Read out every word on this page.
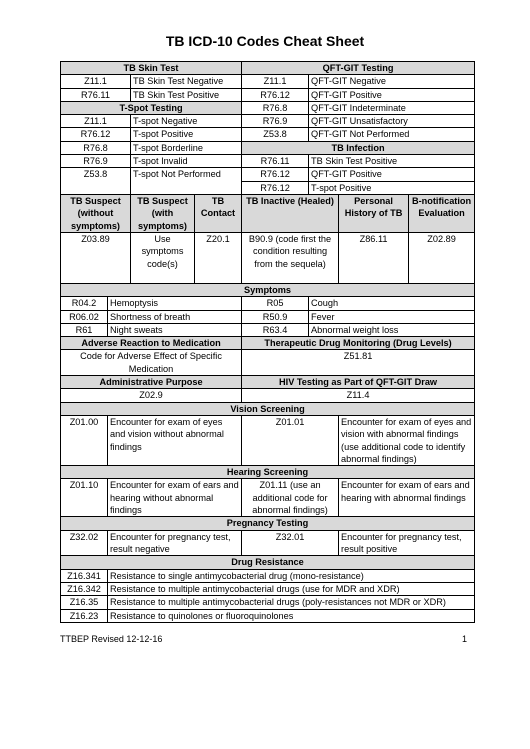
TB ICD-10 Codes Cheat Sheet
TB Skin Test				QFT-GIT Testing			
Z11.1		TB Skin Test Negative		Z11.1	QFT-GIT Negative		
R76.11		TB Skin Test Positive		R76.12	QFT-GIT Positive		
T-Spot Testing				R76.8	QFT-GIT Indeterminate		
Z11.1		T-spot Negative		R76.9	QFT-GIT Unsatisfactory		
R76.12		T-spot Positive		Z53.8	QFT-GIT Not Performed		
R76.8		T-spot Borderline		TB Infection			
R76.9		T-spot Invalid		R76.11	TB Skin Test Positive		
Z53.8		T-spot Not Performed		R76.12	QFT-GIT Positive		
				R76.12	T-spot Positive		
TB Suspect (without symptoms)		TB Suspect (with symptoms)	TB Contact	TB Inactive (Healed)		Personal History of TB	B-notification Evaluation
Z03.89		Use symptoms code(s)	Z20.1	B90.9 (code first the condition resulting from the sequela)		Z86.11	Z02.89
Symptoms							
R04.2	Hemoptysis			R05	Cough		
R06.02	Shortness of breath			R50.9	Fever		
R61	Night sweats			R63.4	Abnormal weight loss		
Adverse Reaction to Medication				Therapeutic Drug Monitoring (Drug Levels)			
Code for Adverse Effect of Specific Medication				Z51.81			
Administrative Purpose				HIV Testing as Part of QFT-GIT Draw			
Z02.9				Z11.4			
Vision Screening							
Z01.00	Encounter for exam of eyes and vision without abnormal findings			Z01.01		Encounter for exam of eyes and vision with abnormal findings (use additional code to identify abnormal findings)	
Hearing Screening							
Z01.10	Encounter for exam of ears and hearing without abnormal findings			Z01.11 (use an additional code for abnormal findings)		Encounter for exam of ears and hearing with abnormal findings	
Pregnancy Testing							
Z32.02	Encounter for pregnancy test, result negative			Z32.01		Encounter for pregnancy test, result positive	
Drug Resistance							
Z16.341	Resistance to single antimycobacterial drug (mono-resistance)						
Z16.342	Resistance to multiple antimycobacterial drugs (use for MDR and XDR)						
Z16.35	Resistance to multiple antimycobacterial drugs (poly-resistances not MDR or XDR)						
Z16.23	Resistance to quinolones or fluoroquinolones						
TTBEP Revised 12-12-16	1
